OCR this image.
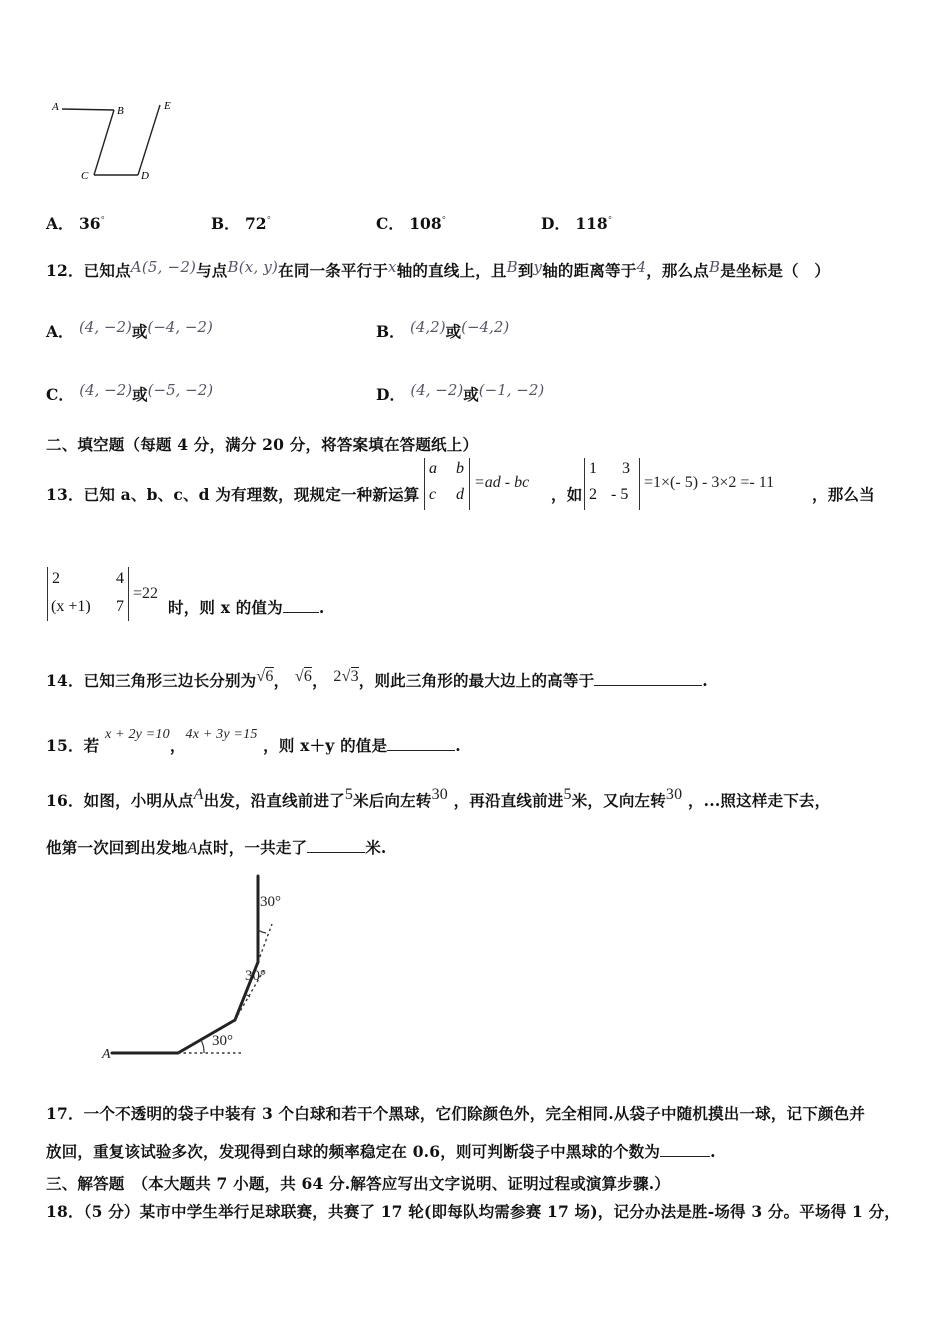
A	B
C	D
E
A． 36°	B． 72°	C． 108°	D． 118°
12．已知点A(5, −2)与点B(x, y)在同一条平行于x轴的直线上，且B到y轴的距离等于4，那么点B是坐标是（　）
A． (4, −2)或(−4, −2)	B． (4,2)或(−4,2)
C． (4, −2)或(−5, −2)	D． (4, −2)或(−1, −2)
二、填空题（每题 4 分，满分 20 分，将答案填在答题纸上）
13．已知 a、b、c、d 为有理数，现规定一种新运算
a b
c d
=ad - bc
，如
1 3
2 - 5
=1×(- 5) - 3×2 =- 11
，那么当
2	4
(x +1) 7
=22
时，则 x 的值为 .
14．已知三角形三边长分别为√6， √6， 2√3，则此三角形的最大边上的高等于	.
15．若 x + 2y =10，4x + 3y =15 ，则 x＋y 的值是	.
16．如图，小明从点A出发，沿直线前进了5米后向左转30 ，再沿直线前进5米，又向左转30 ，...照这样走下去，
他第一次回到出发地A点时，一共走了	米.
30°
30°
30°
A
17．一个不透明的袋子中装有 3 个白球和若干个黑球，它们除颜色外，完全相同.从袋子中随机摸出一球，记下颜色并
放回，重复该试验多次，发现得到白球的频率稳定在 0.6，则可判断袋子中黑球的个数为	.
三、解答题　（本大题共 7 小题，共 64 分.解答应写出文字说明、证明过程或演算步骤.）
18．（5 分）某市中学生举行足球联赛，共赛了 17 轮(即每队均需参赛 17 场)，记分办法是胜-场得 3 分。平场得 1 分，
